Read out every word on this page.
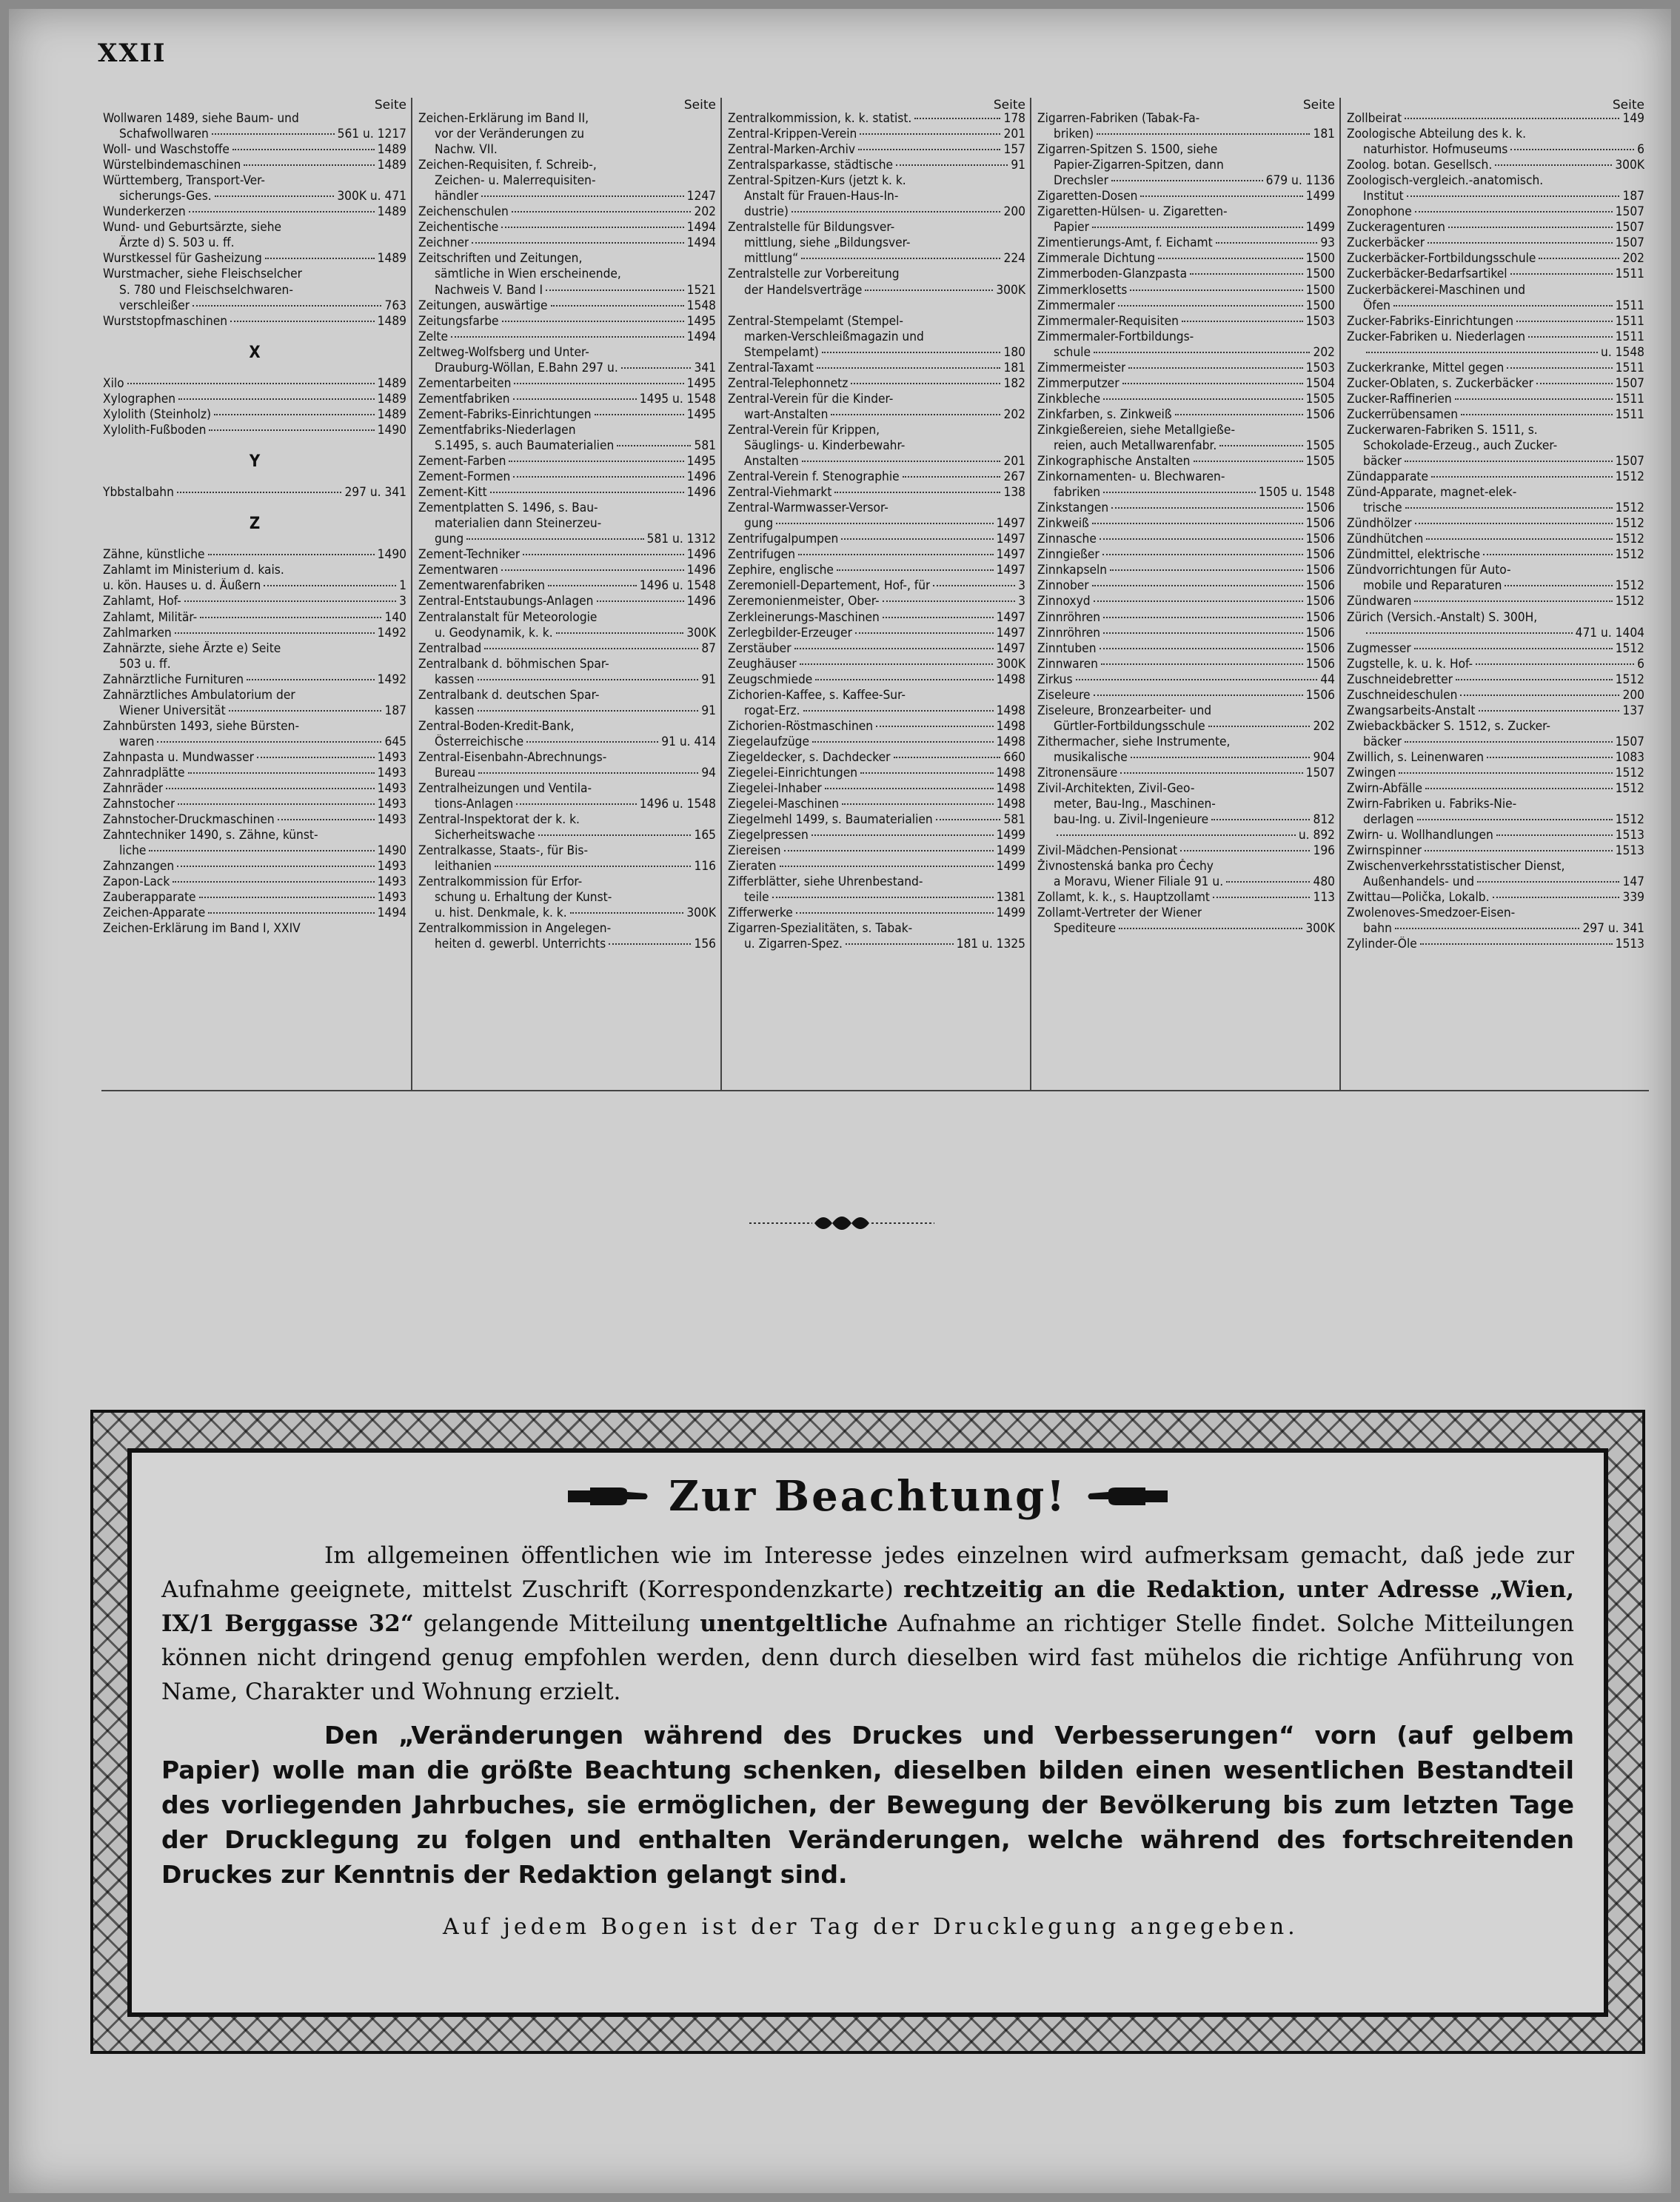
XXII
Seite
Wollwaren 1489, siehe Baum- und
Schafwollwaren	561 u. 1217
Woll- und Waschstoffe	1489
Würstelbindemaschinen	1489
Württemberg, Transport-Ver-
sicherungs-Ges.	300K u. 471
Wunderkerzen	1489
Wund- und Geburtsärzte, siehe
Ärzte d) S. 503 u. ff.
Wurstkessel für Gasheizung	1489
Wurstmacher, siehe Fleischselcher
S. 780 und Fleischselchwaren-
verschleißer	763
Wurststopfmaschinen	1489
X
Xilo	1489
Xylographen	1489
Xylolith (Steinholz)	1489
Xylolith-Fußboden	1490
Y
Ybbstalbahn	297 u. 341
Z
Zähne, künstliche	1490
Zahlamt im Ministerium d. kais.
u. kön. Hauses u. d. Äußern	1
Zahlamt, Hof-	3
Zahlamt, Militär-	140
Zahlmarken	1492
Zahnärzte, siehe Ärzte e) Seite
503 u. ff.
Zahnärztliche Furnituren	1492
Zahnärztliches Ambulatorium der
Wiener Universität	187
Zahnbürsten 1493, siehe Bürsten-
waren	645
Zahnpasta u. Mundwasser	1493
Zahnradplätte	1493
Zahnräder	1493
Zahnstocher	1493
Zahnstocher-Druckmaschinen	1493
Zahntechniker 1490, s. Zähne, künst-
liche	1490
Zahnzangen	1493
Zapon-Lack	1493
Zauberapparate	1493
Zeichen-Apparate	1494
Zeichen-Erklärung im Band I, XXIV
Seite
Zeichen-Erklärung im Band II,
vor der Veränderungen zu
Nachw. VII.
Zeichen-Requisiten, f. Schreib-,
Zeichen- u. Malerrequisiten-
händler	1247
Zeichenschulen	202
Zeichentische	1494
Zeichner	1494
Zeitschriften und Zeitungen,
sämtliche in Wien erscheinende,
Nachweis V. Band I	1521
Zeitungen, auswärtige	1548
Zeitungsfarbe	1495
Zelte	1494
Zeltweg-Wolfsberg und Unter-
Drauburg-Wöllan, E.Bahn 297 u.	341
Zementarbeiten	1495
Zementfabriken	1495 u. 1548
Zement-Fabriks-Einrichtungen	1495
Zementfabriks-Niederlagen
S.1495, s. auch Baumaterialien	581
Zement-Farben	1495
Zement-Formen	1496
Zement-Kitt	1496
Zementplatten S. 1496, s. Bau-
materialien dann Steinerzeu-
gung	581 u. 1312
Zement-Techniker	1496
Zementwaren	1496
Zementwarenfabriken	1496 u. 1548
Zentral-Entstaubungs-Anlagen	1496
Zentralanstalt für Meteorologie
u. Geodynamik, k. k.	300K
Zentralbad	87
Zentralbank d. böhmischen Spar-
kassen	91
Zentralbank d. deutschen Spar-
kassen	91
Zentral-Boden-Kredit-Bank,
Österreichische	91 u. 414
Zentral-Eisenbahn-Abrechnungs-
Bureau	94
Zentralheizungen und Ventila-
tions-Anlagen	1496 u. 1548
Zentral-Inspektorat der k. k.
Sicherheitswache	165
Zentralkasse, Staats-, für Bis-
leithanien	116
Zentralkommission für Erfor-
schung u. Erhaltung der Kunst-
u. hist. Denkmale, k. k.	300K
Zentralkommission in Angelegen-
heiten d. gewerbl. Unterrichts	156
Seite
Zentralkommission, k. k. statist.	178
Zentral-Krippen-Verein	201
Zentral-Marken-Archiv	157
Zentralsparkasse, städtische	91
Zentral-Spitzen-Kurs (jetzt k. k.
Anstalt für Frauen-Haus-In-
dustrie)	200
Zentralstelle für Bildungsver-
mittlung, siehe „Bildungsver-
mittlung“	224
Zentralstelle zur Vorbereitung
der Handelsverträge	300K
Zentral-Stempelamt (Stempel-
marken-Verschleißmagazin und
Stempelamt)	180
Zentral-Taxamt	181
Zentral-Telephonnetz	182
Zentral-Verein für die Kinder-
wart-Anstalten	202
Zentral-Verein für Krippen,
Säuglings- u. Kinderbewahr-
Anstalten	201
Zentral-Verein f. Stenographie	267
Zentral-Viehmarkt	138
Zentral-Warmwasser-Versor-
gung	1497
Zentrifugalpumpen	1497
Zentrifugen	1497
Zephire, englische	1497
Zeremoniell-Departement, Hof-, für	3
Zeremonienmeister, Ober-	3
Zerkleinerungs-Maschinen	1497
Zerlegbilder-Erzeuger	1497
Zerstäuber	1497
Zeughäuser	300K
Zeugschmiede	1498
Zichorien-Kaffee, s. Kaffee-Sur-
rogat-Erz.	1498
Zichorien-Röstmaschinen	1498
Ziegelaufzüge	1498
Ziegeldecker, s. Dachdecker	660
Ziegelei-Einrichtungen	1498
Ziegelei-Inhaber	1498
Ziegelei-Maschinen	1498
Ziegelmehl 1499, s. Baumaterialien	581
Ziegelpressen	1499
Ziereisen	1499
Zieraten	1499
Zifferblätter, siehe Uhrenbestand-
teile	1381
Zifferwerke	1499
Zigarren-Spezialitäten, s. Tabak-
u. Zigarren-Spez.	181 u. 1325
Seite
Zigarren-Fabriken (Tabak-Fa-
briken)	181
Zigarren-Spitzen S. 1500, siehe
Papier-Zigarren-Spitzen, dann
Drechsler	679 u. 1136
Zigaretten-Dosen	1499
Zigaretten-Hülsen- u. Zigaretten-
Papier	1499
Zimentierungs-Amt, f. Eichamt	93
Zimmerale Dichtung	1500
Zimmerboden-Glanzpasta	1500
Zimmerklosetts	1500
Zimmermaler	1500
Zimmermaler-Requisiten	1503
Zimmermaler-Fortbildungs-
schule	202
Zimmermeister	1503
Zimmerputzer	1504
Zinkbleche	1505
Zinkfarben, s. Zinkweiß	1506
Zinkgießereien, siehe Metallgieße-
reien, auch Metallwarenfabr.	1505
Zinkographische Anstalten	1505
Zinkornamenten- u. Blechwaren-
fabriken	1505 u. 1548
Zinkstangen	1506
Zinkweiß	1506
Zinnasche	1506
Zinngießer	1506
Zinnkapseln	1506
Zinnober	1506
Zinnoxyd	1506
Zinnröhren	1506
Zinnröhren	1506
Zinntuben	1506
Zinnwaren	1506
Zirkus	44
Ziseleure	1506
Ziseleure, Bronzearbeiter- und
Gürtler-Fortbildungsschule	202
Zithermacher, siehe Instrumente,
musikalische	904
Zitronensäure	1507
Zivil-Architekten, Zivil-Geo-
meter, Bau-Ing., Maschinen-
bau-Ing. u. Zivil-Ingenieure	812
u. 892
Zivil-Mädchen-Pensionat	196
Živnostenská banka pro Čechy
a Moravu, Wiener Filiale 91 u.	480
Zollamt, k. k., s. Hauptzollamt	113
Zollamt-Vertreter der Wiener
Spediteure	300K
Seite
Zollbeirat	149
Zoologische Abteilung des k. k.
naturhistor. Hofmuseums	6
Zoolog. botan. Gesellsch.	300K
Zoologisch-vergleich.-anatomisch.
Institut	187
Zonophone	1507
Zuckeragenturen	1507
Zuckerbäcker	1507
Zuckerbäcker-Fortbildungsschule	202
Zuckerbäcker-Bedarfsartikel	1511
Zuckerbäckerei-Maschinen und
Öfen	1511
Zucker-Fabriks-Einrichtungen	1511
Zucker-Fabriken u. Niederlagen	1511
u. 1548
Zuckerkranke, Mittel gegen	1511
Zucker-Oblaten, s. Zuckerbäcker	1507
Zucker-Raffinerien	1511
Zuckerrübensamen	1511
Zuckerwaren-Fabriken S. 1511, s.
Schokolade-Erzeug., auch Zucker-
bäcker	1507
Zündapparate	1512
Zünd-Apparate, magnet-elek-
trische	1512
Zündhölzer	1512
Zündhütchen	1512
Zündmittel, elektrische	1512
Zündvorrichtungen für Auto-
mobile und Reparaturen	1512
Zündwaren	1512
Zürich (Versich.-Anstalt) S. 300H,
471 u. 1404
Zugmesser	1512
Zugstelle, k. u. k. Hof-	6
Zuschneidebretter	1512
Zuschneideschulen	200
Zwangsarbeits-Anstalt	137
Zwiebackbäcker S. 1512, s. Zucker-
bäcker	1507
Zwillich, s. Leinenwaren	1083
Zwingen	1512
Zwirn-Abfälle	1512
Zwirn-Fabriken u. Fabriks-Nie-
derlagen	1512
Zwirn- u. Wollhandlungen	1513
Zwirnspinner	1513
Zwischenverkehrsstatistischer Dienst,
Außenhandels- und	147
Zwittau—Polička, Lokalb.	339
Zwolenoves-Smedzoer-Eisen-
bahn	297 u. 341
Zylinder-Öle	1513
Zur Beachtung!

Im allgemeinen öffentlichen wie im Interesse jedes einzelnen wird aufmerksam gemacht, daß jede zur Aufnahme geeignete, mittelst Zuschrift (Korrespondenzkarte) rechtzeitig an die Redaktion, unter Adresse „Wien, IX/1 Berggasse 32“ gelangende Mitteilung unentgeltliche Aufnahme an richtiger Stelle findet. Solche Mitteilungen können nicht dringend genug empfohlen werden, denn durch dieselben wird fast mühelos die richtige Anführung von Name, Charakter und Wohnung erzielt.

Den „Veränderungen während des Druckes und Verbesserungen“ vorn (auf gelbem Papier) wolle man die größte Beachtung schenken, dieselben bilden einen wesentlichen Bestandteil des vorliegenden Jahrbuches, sie ermöglichen, der Bewegung der Bevölkerung bis zum letzten Tage der Drucklegung zu folgen und enthalten Veränderungen, welche während des fortschreitenden Druckes zur Kenntnis der Redaktion gelangt sind.

Auf jedem Bogen ist der Tag der Drucklegung angegeben.
